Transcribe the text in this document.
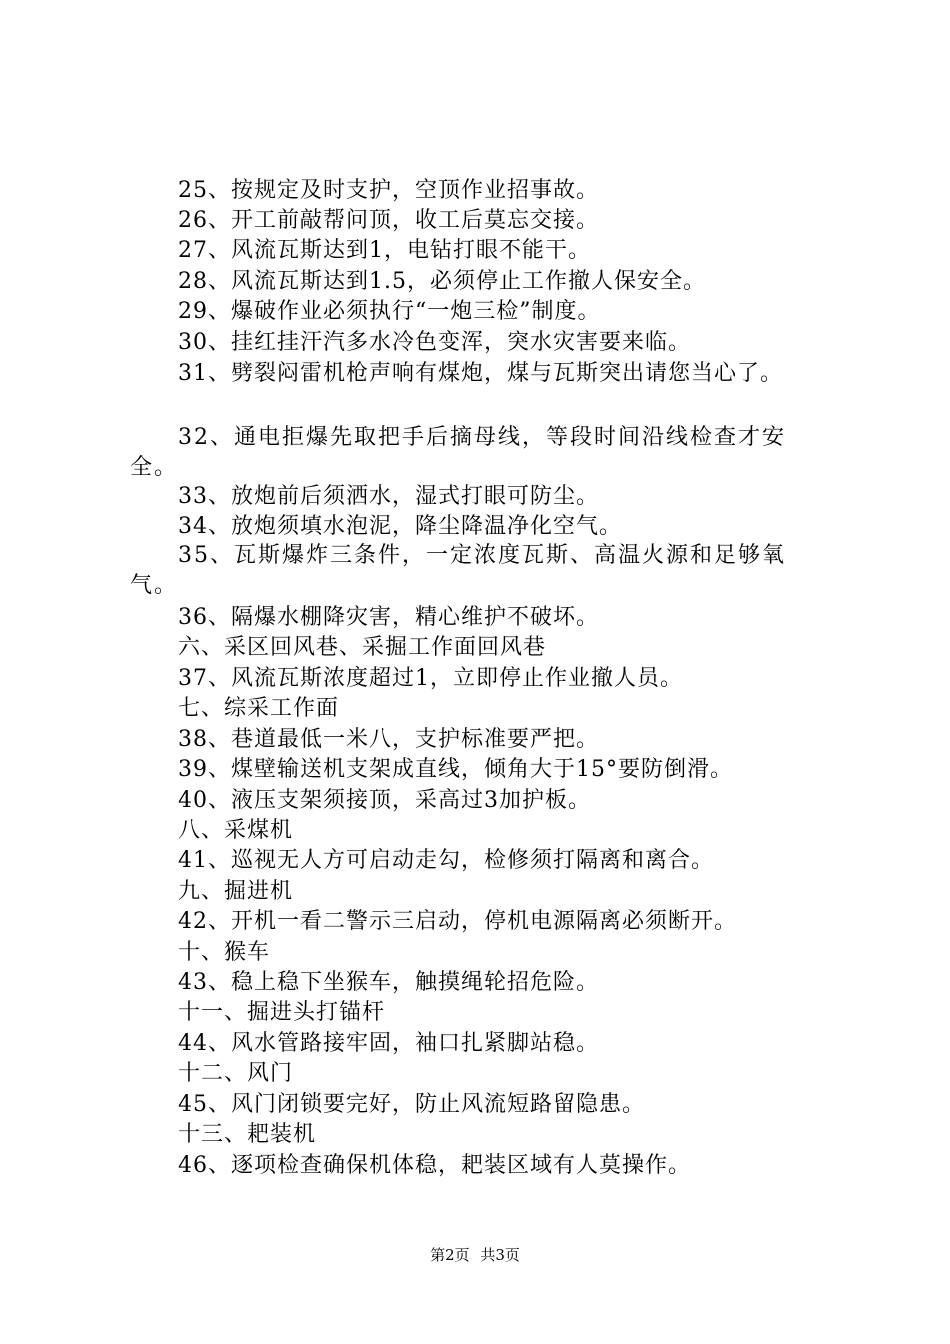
25、按规定及时支护，空顶作业招事故。
26、开工前敲帮问顶，收工后莫忘交接。
27、风流瓦斯达到1，电钻打眼不能干。
28、风流瓦斯达到1.5，必须停止工作撤人保安全。
29、爆破作业必须执行“一炮三检”制度。
30、挂红挂汗汽多水冷色变浑，突水灾害要来临。
31、劈裂闷雷机枪声响有煤炮，煤与瓦斯突出请您当心了。
32、通电拒爆先取把手后摘母线，等段时间沿线检查才安全。
33、放炮前后须洒水，湿式打眼可防尘。
34、放炮须填水泡泥，降尘降温净化空气。
35、瓦斯爆炸三条件，一定浓度瓦斯、高温火源和足够氧气。
36、隔爆水棚降灾害，精心维护不破坏。
六、采区回风巷、采掘工作面回风巷
37、风流瓦斯浓度超过1，立即停止作业撤人员。
七、综采工作面
38、巷道最低一米八，支护标准要严把。
39、煤壁输送机支架成直线，倾角大于15°要防倒滑。
40、液压支架须接顶，采高过3加护板。
八、采煤机
41、巡视无人方可启动走勾，检修须打隔离和离合。
九、掘进机
42、开机一看二警示三启动，停机电源隔离必须断开。
十、猴车
43、稳上稳下坐猴车，触摸绳轮招危险。
十一、掘进头打锚杆
44、风水管路接牢固，袖口扎紧脚站稳。
十二、风门
45、风门闭锁要完好，防止风流短路留隐患。
十三、耙装机
46、逐项检查确保机体稳，耙装区域有人莫操作。
第2页 共3页
